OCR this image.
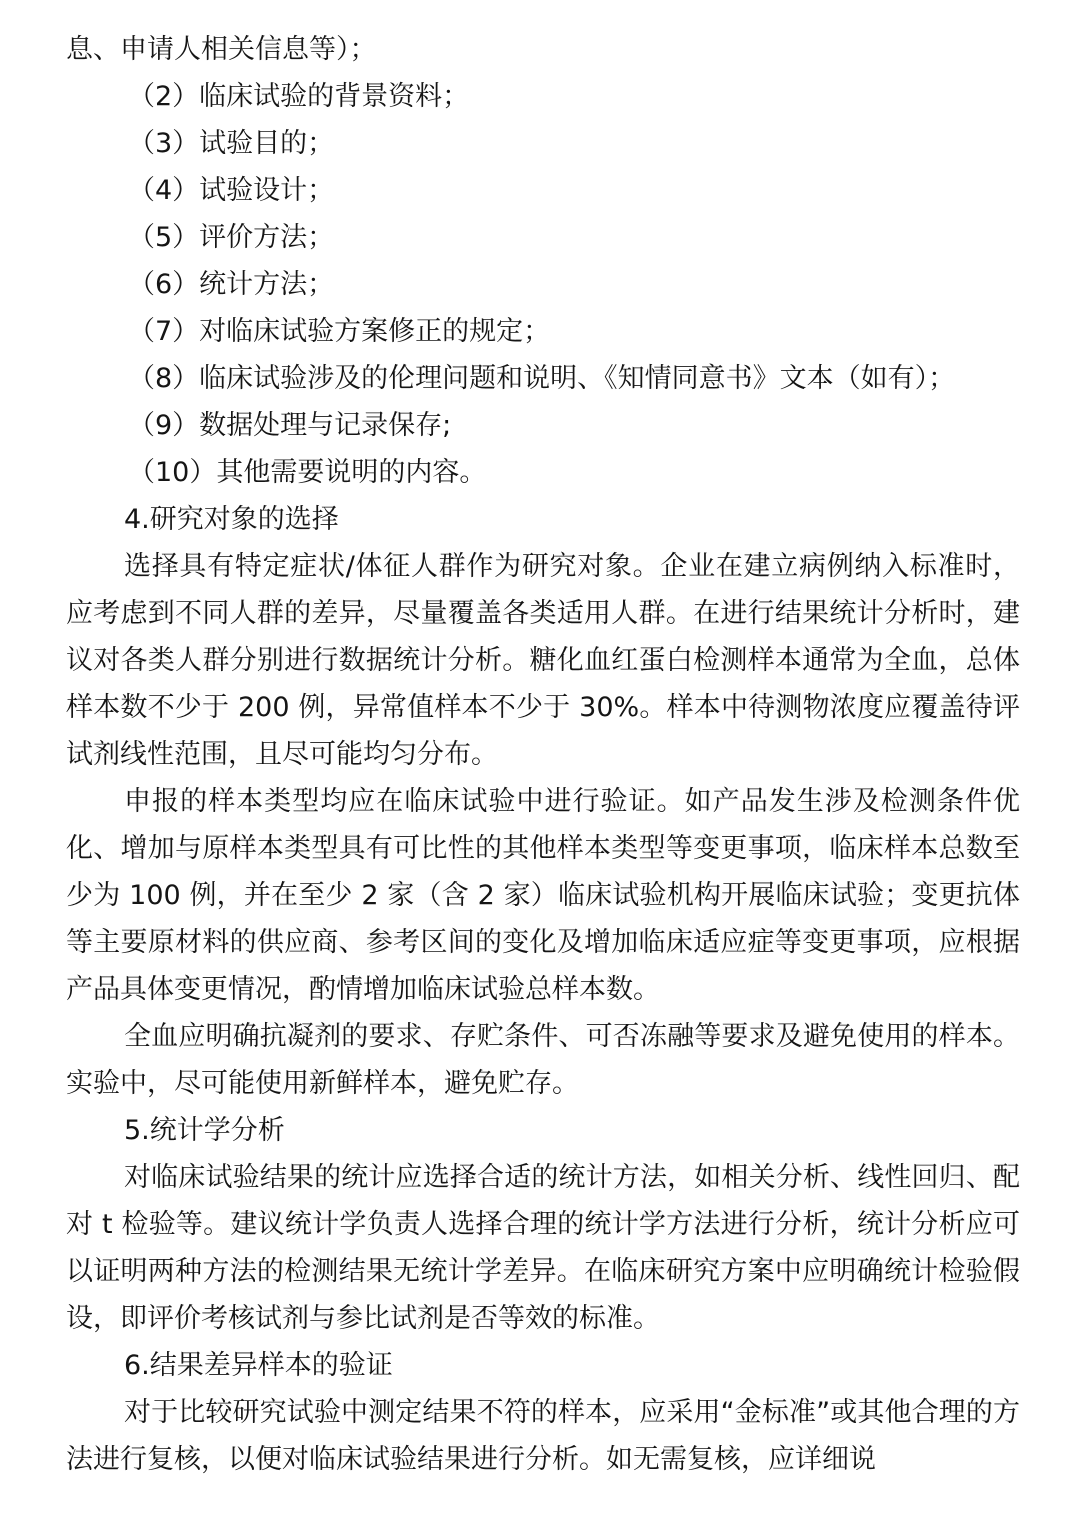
息、申请人相关信息等）；
（2）临床试验的背景资料；
（3）试验目的；
（4）试验设计；
（5）评价方法；
（6）统计方法；
（7）对临床试验方案修正的规定；
（8）临床试验涉及的伦理问题和说明、《知情同意书》文本（如有）；
（9）数据处理与记录保存;
（10）其他需要说明的内容。
4.研究对象的选择

选择具有特定症状/体征人群作为研究对象。企业在建立病例纳入标准时，应考虑到不同人群的差异，尽量覆盖各类适用人群。在进行结果统计分析时，建议对各类人群分别进行数据统计分析。糖化血红蛋白检测样本通常为全血，总体样本数不少于 200 例，异常值样本不少于 30%。样本中待测物浓度应覆盖待评试剂线性范围，且尽可能均匀分布。

申报的样本类型均应在临床试验中进行验证。如产品发生涉及检测条件优化、增加与原样本类型具有可比性的其他样本类型等变更事项，临床样本总数至少为 100 例，并在至少 2 家（含 2 家）临床试验机构开展临床试验；变更抗体等主要原材料的供应商、参考区间的变化及增加临床适应症等变更事项，应根据产品具体变更情况，酌情增加临床试验总样本数。

全血应明确抗凝剂的要求、存贮条件、可否冻融等要求及避免使用的样本。实验中，尽可能使用新鲜样本，避免贮存。

5.统计学分析

对临床试验结果的统计应选择合适的统计方法，如相关分析、线性回归、配对 t 检验等。建议统计学负责人选择合理的统计学方法进行分析，统计分析应可以证明两种方法的检测结果无统计学差异。在临床研究方案中应明确统计检验假设，即评价考核试剂与参比试剂是否等效的标准。

6.结果差异样本的验证

对于比较研究试验中测定结果不符的样本，应采用“金标准”或其他合理的方法进行复核，以便对临床试验结果进行分析。如无需复核，应详细说
